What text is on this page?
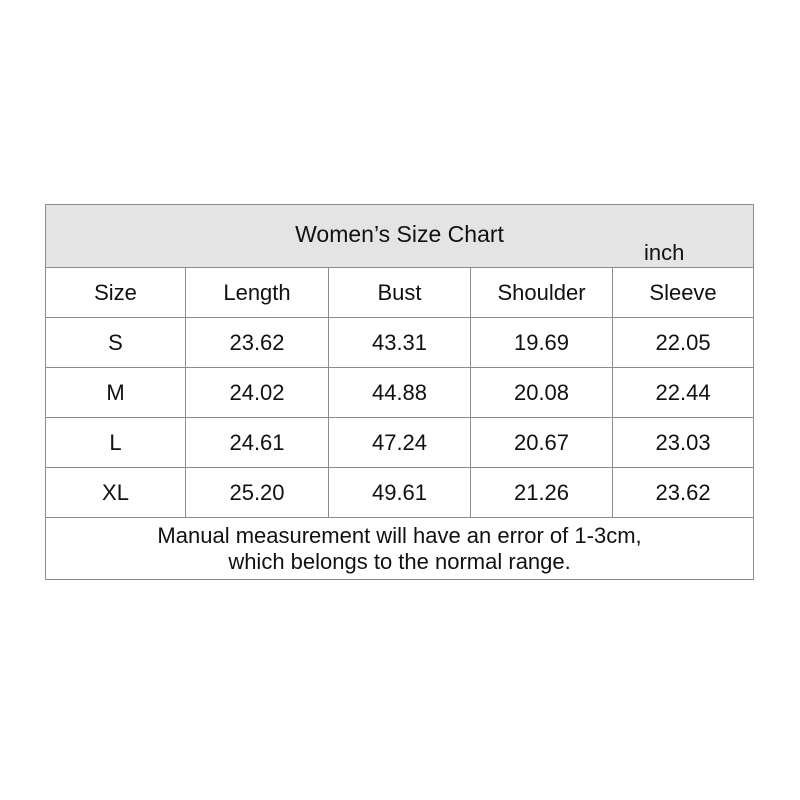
Women’s Size Chart
inch				

Size	Length	Bust	Shoulder	Sleeve
S	23.62	43.31	19.69	22.05
M	24.02	44.88	20.08	22.44
L	24.61	47.24	20.67	23.03
XL	25.20	49.61	21.26	23.62

Manual measurement will have an error of 1-3cm,
which belongs to the normal range.				
